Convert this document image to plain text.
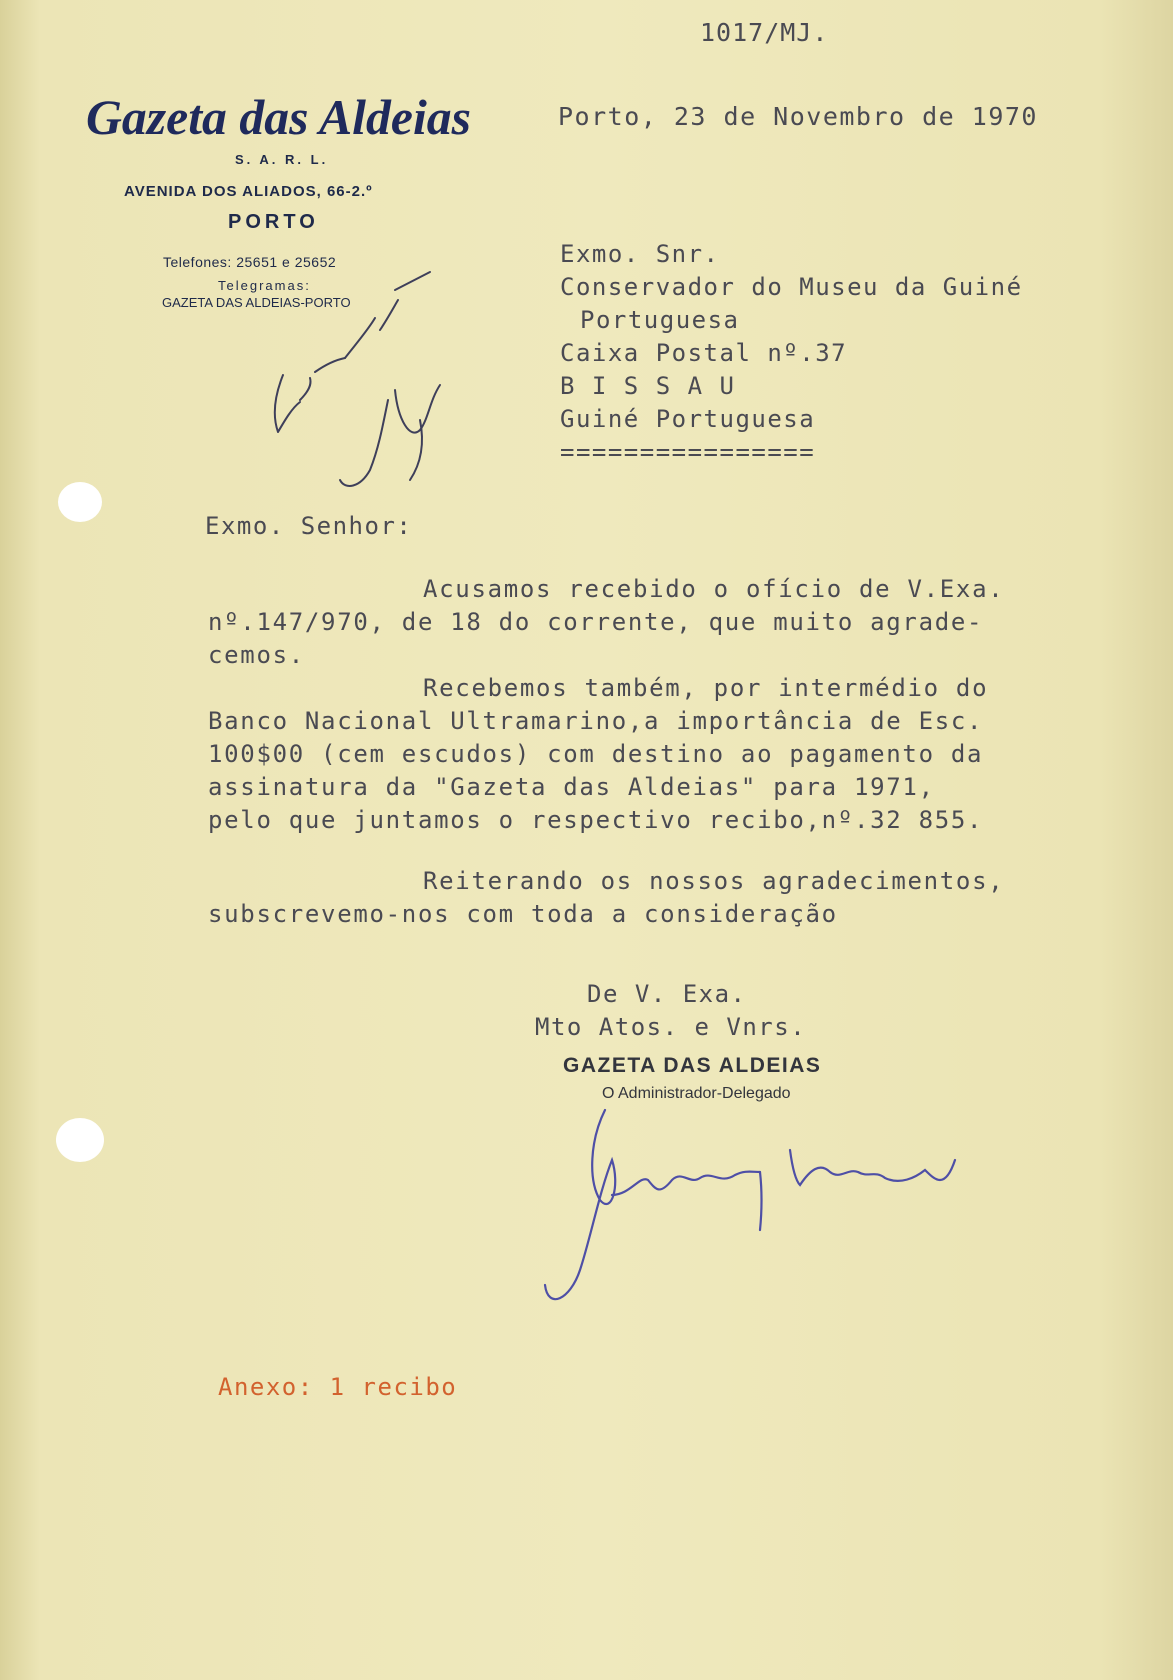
1017/MJ.
Porto, 23 de Novembro de 1970
Gazeta das Aldeias
S. A. R. L.
AVENIDA DOS ALIADOS, 66-2.º
PORTO
Telefones: 25651 e 25652
Telegramas:
GAZETA DAS ALDEIAS-PORTO
Exmo. Snr.
Conservador do Museu da Guiné
Portuguesa
Caixa Postal nº.37
B I S S A U
Guiné Portuguesa
================
Exmo. Senhor:

Acusamos recebido o ofício de V.Exa.

nº.147/970, de 18 do corrente, que muito agrade-

cemos.

Recebemos também, por intermédio do

Banco Nacional Ultramarino,a importância de Esc.

100$00 (cem escudos) com destino ao pagamento da

assinatura da "Gazeta das Aldeias" para 1971,

pelo que juntamos o respectivo recibo,nº.32 855.

Reiterando os nossos agradecimentos,

subscrevemo-nos com toda a consideração

De V. Exa.
Mto Atos. e Vnrs.
GAZETA DAS ALDEIAS
O Administrador-Delegado
Anexo: 1 recibo
